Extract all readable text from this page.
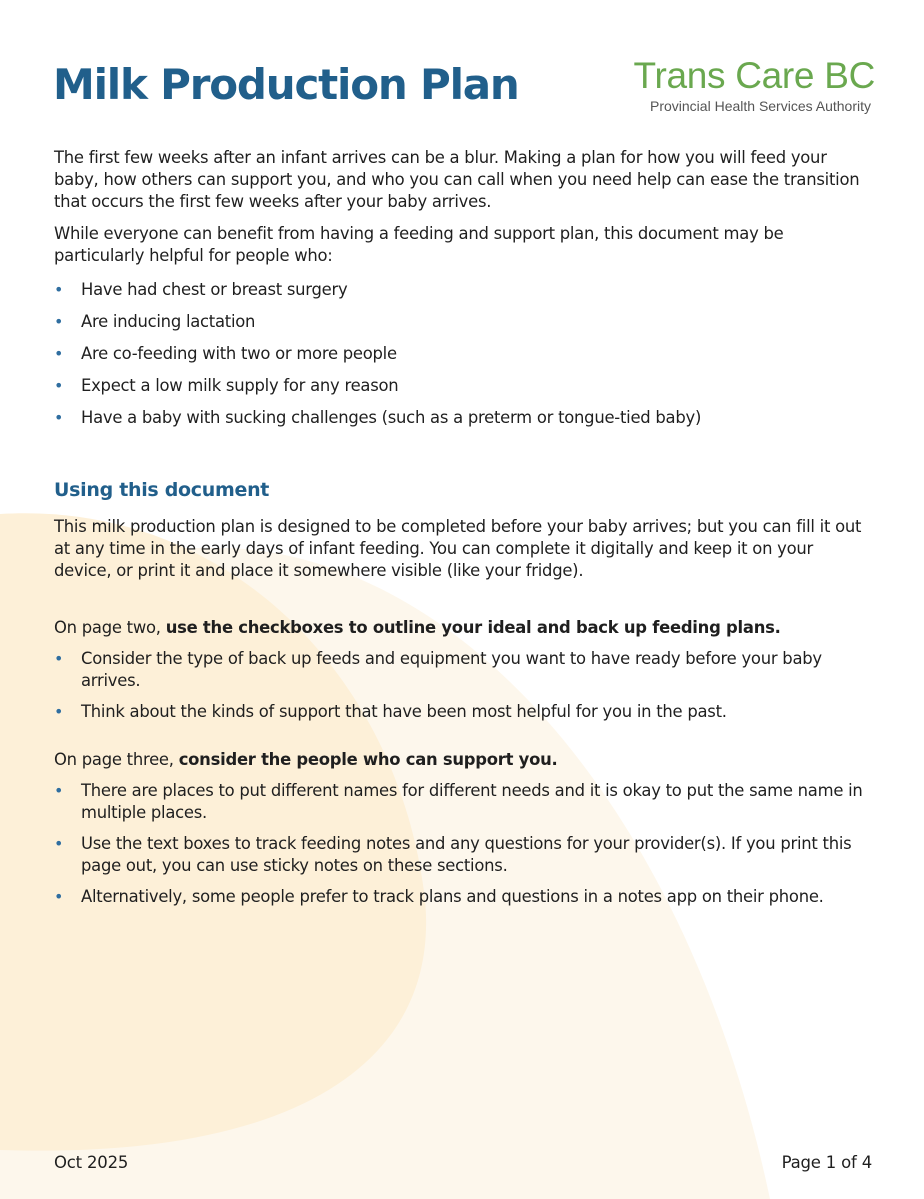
Milk Production Plan	Trans Care BC
Provincial Health Services Authority

The first few weeks after an infant arrives can be a blur. Making a plan for how you will feed your baby, how others can support you, and who you can call when you need help can ease the transition that occurs the first few weeks after your baby arrives.

While everyone can benefit from having a feeding and support plan, this document may be particularly helpful for people who:

• Have had chest or breast surgery
• Are inducing lactation
• Are co-feeding with two or more people
• Expect a low milk supply for any reason
• Have a baby with sucking challenges (such as a preterm or tongue-tied baby)

Using this document

This milk production plan is designed to be completed before your baby arrives; but you can fill it out at any time in the early days of infant feeding. You can complete it digitally and keep it on your device, or print it and place it somewhere visible (like your fridge).

On page two, use the checkboxes to outline your ideal and back up feeding plans.

• Consider the type of back up feeds and equipment you want to have ready before your baby arrives.
• Think about the kinds of support that have been most helpful for you in the past.

On page three, consider the people who can support you.

• There are places to put different names for different needs and it is okay to put the same name in multiple places.
• Use the text boxes to track feeding notes and any questions for your provider(s). If you print this page out, you can use sticky notes on these sections.
• Alternatively, some people prefer to track plans and questions in a notes app on their phone.
Oct 2025	Page 1 of 4
